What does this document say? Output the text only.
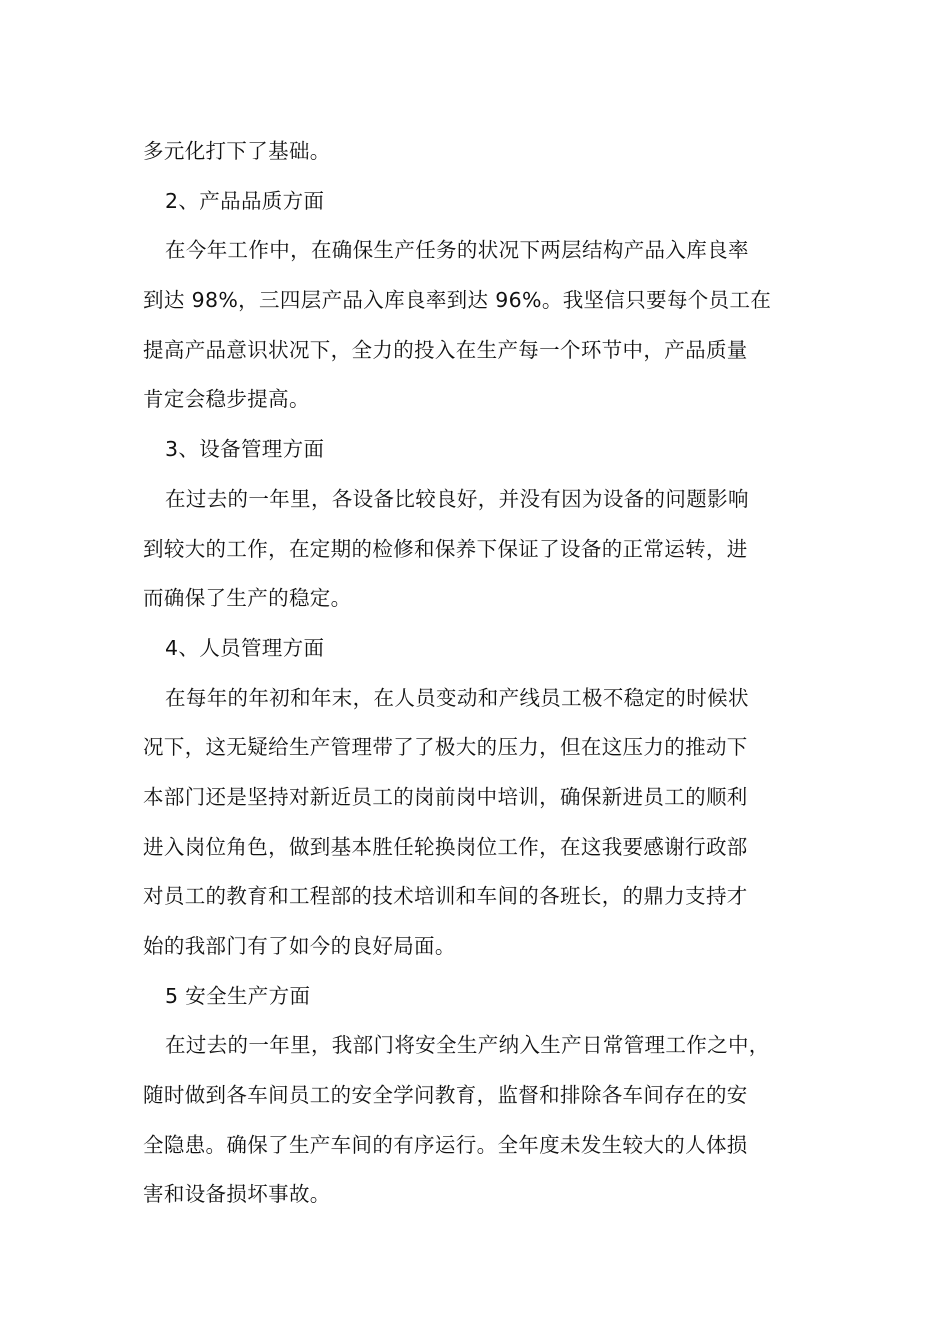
多元化打下了基础。
2、产品品质方面
在今年工作中，在确保生产任务的状况下两层结构产品入库良率
到达 98%，三四层产品入库良率到达 96%。我坚信只要每个员工在
提高产品意识状况下，全力的投入在生产每一个环节中，产品质量
肯定会稳步提高。
3、设备管理方面
在过去的一年里，各设备比较良好，并没有因为设备的问题影响
到较大的工作，在定期的检修和保养下保证了设备的正常运转，进
而确保了生产的稳定。
4、人员管理方面
在每年的年初和年末，在人员变动和产线员工极不稳定的时候状
况下，这无疑给生产管理带了了极大的压力，但在这压力的推动下
本部门还是坚持对新近员工的岗前岗中培训，确保新进员工的顺利
进入岗位角色，做到基本胜任轮换岗位工作，在这我要感谢行政部
对员工的教育和工程部的技术培训和车间的各班长，的鼎力支持才
始的我部门有了如今的良好局面。
5 安全生产方面
在过去的一年里，我部门将安全生产纳入生产日常管理工作之中，
随时做到各车间员工的安全学问教育，监督和排除各车间存在的安
全隐患。确保了生产车间的有序运行。全年度未发生较大的人体损
害和设备损坏事故。
